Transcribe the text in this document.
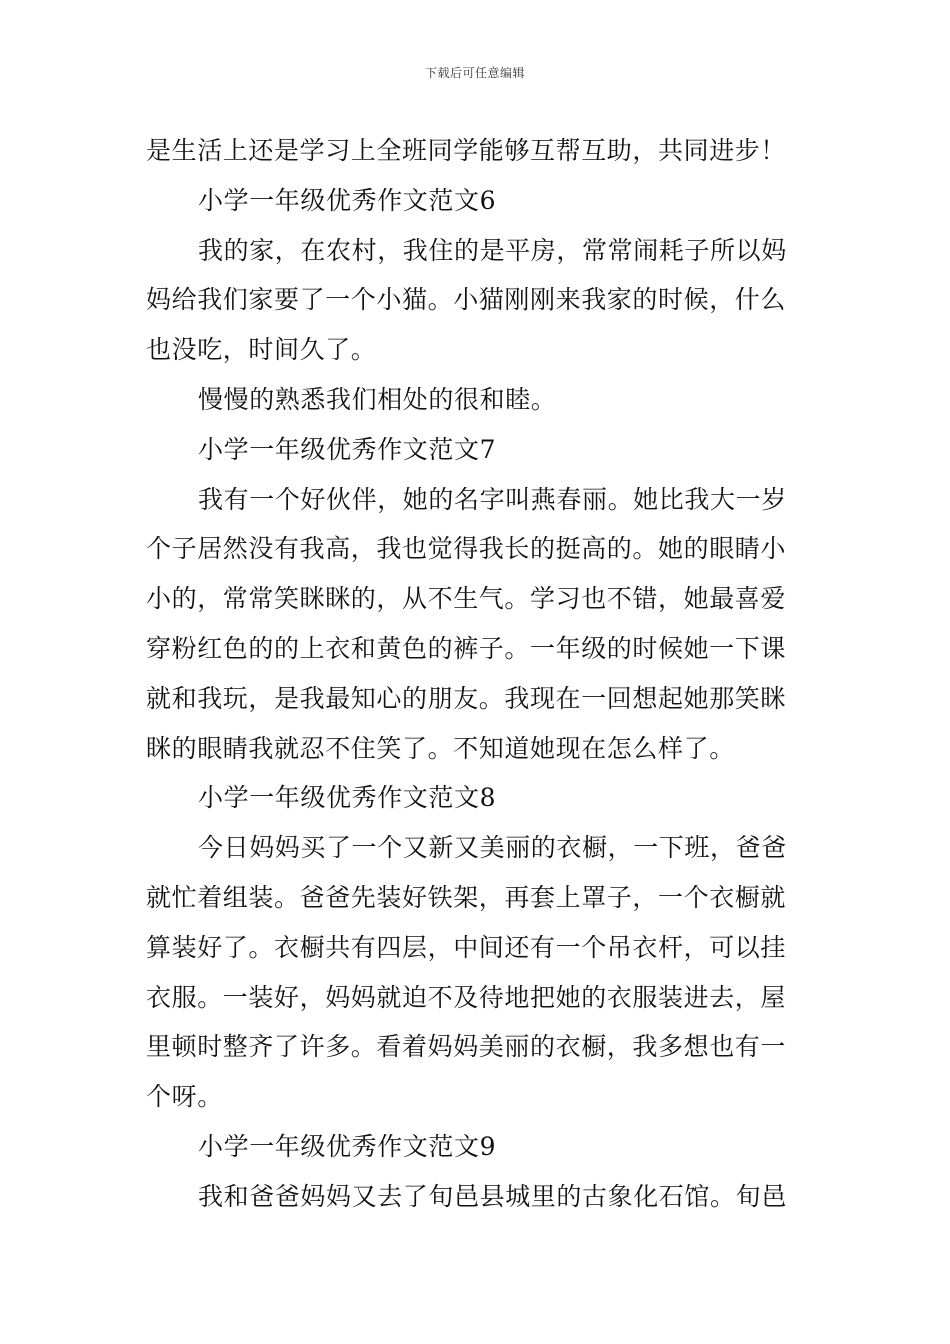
下载后可任意编辑
是生活上还是学习上全班同学能够互帮互助，共同进步！
小学一年级优秀作文范文6
我的家，在农村，我住的是平房，常常闹耗子所以妈
妈给我们家要了一个小猫。小猫刚刚来我家的时候，什么
也没吃，时间久了。
慢慢的熟悉我们相处的很和睦。
小学一年级优秀作文范文7
我有一个好伙伴，她的名字叫燕春丽。她比我大一岁
个子居然没有我高，我也觉得我长的挺高的。她的眼睛小
小的，常常笑眯眯的，从不生气。学习也不错，她最喜爱
穿粉红色的的上衣和黄色的裤子。一年级的时候她一下课
就和我玩，是我最知心的朋友。我现在一回想起她那笑眯
眯的眼睛我就忍不住笑了。不知道她现在怎么样了。
小学一年级优秀作文范文8
今日妈妈买了一个又新又美丽的衣橱，一下班，爸爸
就忙着组装。爸爸先装好铁架，再套上罩子，一个衣橱就
算装好了。衣橱共有四层，中间还有一个吊衣杆，可以挂
衣服。一装好，妈妈就迫不及待地把她的衣服装进去，屋
里顿时整齐了许多。看着妈妈美丽的衣橱，我多想也有一
个呀。
小学一年级优秀作文范文9
我和爸爸妈妈又去了旬邑县城里的古象化石馆。旬邑
